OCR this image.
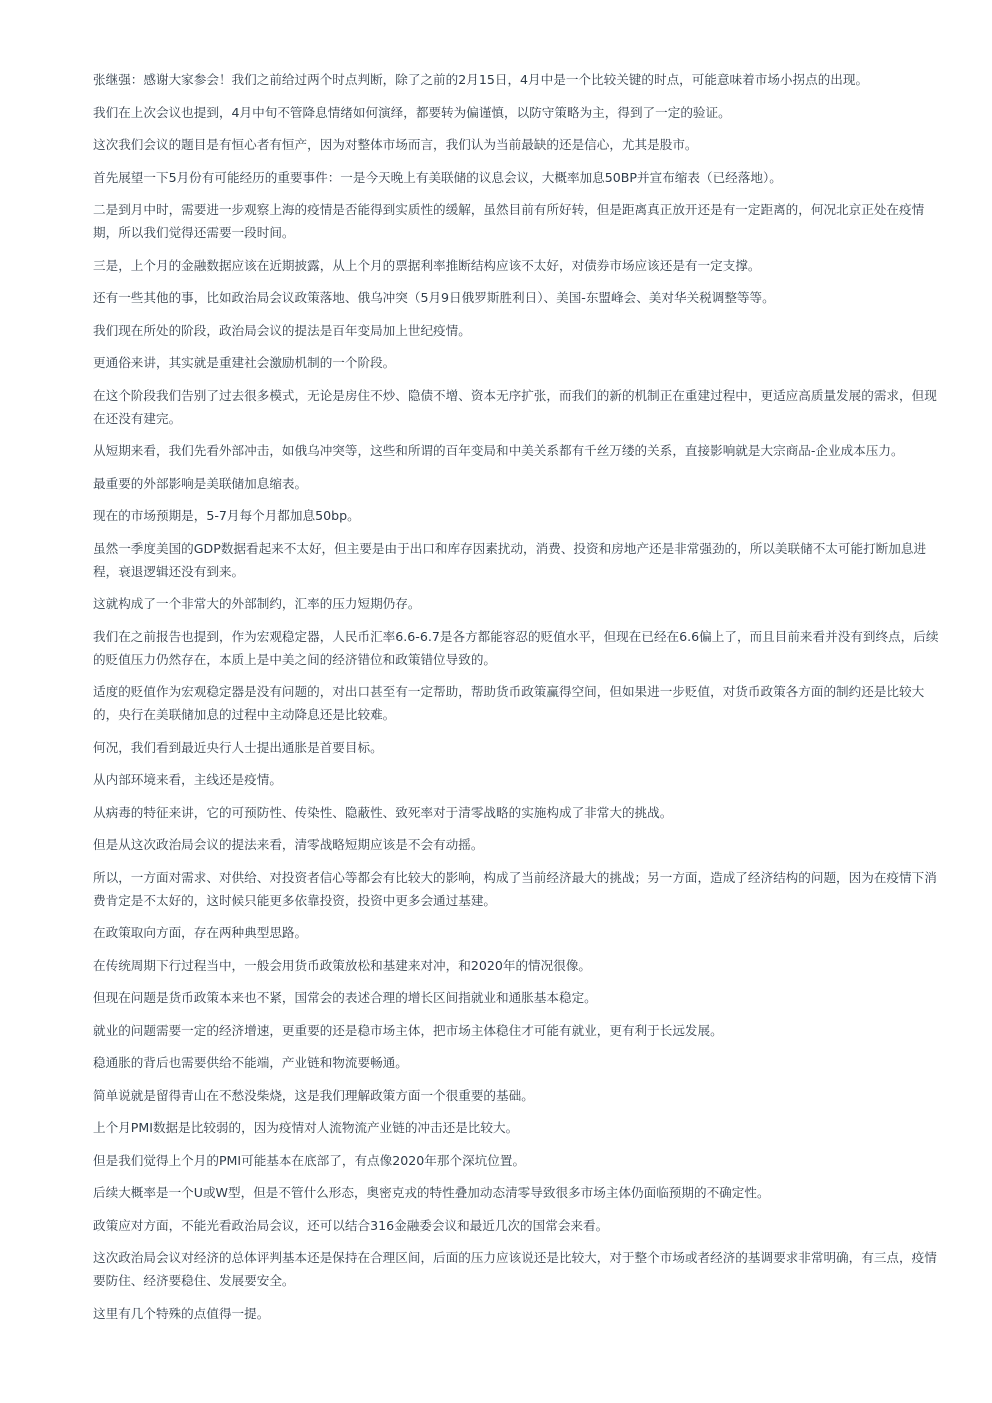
张继强：感谢大家参会！我们之前给过两个时点判断，除了之前的2月15日，4月中是一个比较关键的时点，可能意味着市场小拐点的出现。

我们在上次会议也提到，4月中旬不管降息情绪如何演绎，都要转为偏谨慎，以防守策略为主，得到了一定的验证。

这次我们会议的题目是有恒心者有恒产，因为对整体市场而言，我们认为当前最缺的还是信心，尤其是股市。

首先展望一下5月份有可能经历的重要事件：一是今天晚上有美联储的议息会议，大概率加息50BP并宣布缩表（已经落地）。

二是到月中时，需要进一步观察上海的疫情是否能得到实质性的缓解，虽然目前有所好转，但是距离真正放开还是有一定距离的，何况北京正处在疫情期，所以我们觉得还需要一段时间。

三是，上个月的金融数据应该在近期披露，从上个月的票据利率推断结构应该不太好，对债券市场应该还是有一定支撑。

还有一些其他的事，比如政治局会议政策落地、俄乌冲突（5月9日俄罗斯胜利日）、美国-东盟峰会、美对华关税调整等等。

我们现在所处的阶段，政治局会议的提法是百年变局加上世纪疫情。

更通俗来讲，其实就是重建社会激励机制的一个阶段。

在这个阶段我们告别了过去很多模式，无论是房住不炒、隐债不增、资本无序扩张，而我们的新的机制正在重建过程中，更适应高质量发展的需求，但现在还没有建完。

从短期来看，我们先看外部冲击，如俄乌冲突等，这些和所谓的百年变局和中美关系都有千丝万缕的关系，直接影响就是大宗商品-企业成本压力。

最重要的外部影响是美联储加息缩表。

现在的市场预期是，5-7月每个月都加息50bp。

虽然一季度美国的GDP数据看起来不太好，但主要是由于出口和库存因素扰动，消费、投资和房地产还是非常强劲的，所以美联储不太可能打断加息进程，衰退逻辑还没有到来。

这就构成了一个非常大的外部制约，汇率的压力短期仍存。

我们在之前报告也提到，作为宏观稳定器，人民币汇率6.6-6.7是各方都能容忍的贬值水平，但现在已经在6.6偏上了，而且目前来看并没有到终点，后续的贬值压力仍然存在，本质上是中美之间的经济错位和政策错位导致的。

适度的贬值作为宏观稳定器是没有问题的，对出口甚至有一定帮助，帮助货币政策赢得空间，但如果进一步贬值，对货币政策各方面的制约还是比较大的，央行在美联储加息的过程中主动降息还是比较难。

何况，我们看到最近央行人士提出通胀是首要目标。

从内部环境来看，主线还是疫情。

从病毒的特征来讲，它的可预防性、传染性、隐蔽性、致死率对于清零战略的实施构成了非常大的挑战。

但是从这次政治局会议的提法来看，清零战略短期应该是不会有动摇。

所以，一方面对需求、对供给、对投资者信心等都会有比较大的影响，构成了当前经济最大的挑战；另一方面，造成了经济结构的问题，因为在疫情下消费肯定是不太好的，这时候只能更多依靠投资，投资中更多会通过基建。

在政策取向方面，存在两种典型思路。

在传统周期下行过程当中，一般会用货币政策放松和基建来对冲，和2020年的情况很像。

但现在问题是货币政策本来也不紧，国常会的表述合理的增长区间指就业和通胀基本稳定。

就业的问题需要一定的经济增速，更重要的还是稳市场主体，把市场主体稳住才可能有就业，更有利于长远发展。

稳通胀的背后也需要供给不能端，产业链和物流要畅通。

简单说就是留得青山在不愁没柴烧，这是我们理解政策方面一个很重要的基础。

上个月PMI数据是比较弱的，因为疫情对人流物流产业链的冲击还是比较大。

但是我们觉得上个月的PMI可能基本在底部了，有点像2020年那个深坑位置。

后续大概率是一个U或W型，但是不管什么形态，奥密克戎的特性叠加动态清零导致很多市场主体仍面临预期的不确定性。

政策应对方面，不能光看政治局会议，还可以结合316金融委会议和最近几次的国常会来看。

这次政治局会议对经济的总体评判基本还是保持在合理区间，后面的压力应该说还是比较大，对于整个市场或者经济的基调要求非常明确，有三点，疫情要防住、经济要稳住、发展要安全。

这里有几个特殊的点值得一提。
